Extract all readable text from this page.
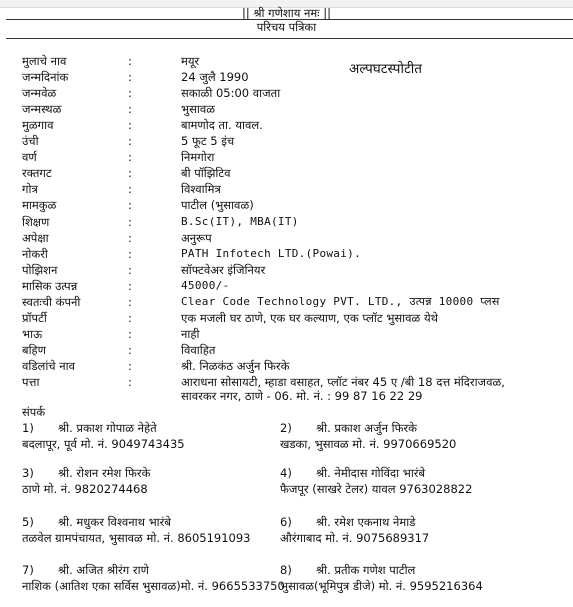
|| श्री गणेशाय नमः ||
परिचय पत्रिका
अल्पघटस्पोटीत
मुलाचे नाव	:	मयूर
जन्मदिनांक	:	24 जुलै 1990
जन्मवेळ	:	सकाळी 05:00 वाजता
जन्मस्थळ	:	भुसावळ
मुळगाव	:	बामणोद ता. यावल.
उंची	:	5 फूट 5 इंच
वर्ण	:	निमगोरा
रक्तगट	:	बी पॉझिटिव
गोत्र	:	विश्वामित्र
मामकुळ	:	पाटील (भुसावळ)
शिक्षण	:	B.Sc(IT), MBA(IT)
अपेक्षा	:	अनुरूप
नोकरी	:	PATH Infotech LTD.(Powai).
पोझिशन	:	सॉफ्टवेअर इंजिनियर
मासिक उत्पन्न	:	45000/-
स्वतःची कंपनी	:	Clear Code Technology PVT. LTD., उत्पन्न 10000 प्लस
प्रॉपर्टी	:	एक मजली घर ठाणे, एक घर कल्याण, एक प्लॉट भुसावळ येथे
भाऊ	:	नाही
बहिण	:	विवाहित
वडिलांचे नाव	:	श्री. निळकंठ अर्जुन फिरके
पत्ता	:	आराधना सोसायटी, म्हाडा वसाहत, प्लॉट नंबर 45 ए /बी 18 दत्त मंदिराजवळ,
सावरकर नगर, ठाणे - 06. मो. नं. : 99 87 16 22 29
संपर्क
1) श्री. प्रकाश गोपाळ नेहेते
बदलापूर, पूर्व मो. नं. 9049743435
2) श्री. प्रकाश अर्जुन फिरके
खडका, भुसावळ मो. नं. 9970669520
3) श्री. रोशन रमेश फिरके
ठाणे मो. नं. 9820274468
4) श्री. नेमीदास गोविंदा भारंबे
फैजपूर (साखरे टेलर) यावल 9763028822
5) श्री. मधुकर विश्वनाथ भारंबे
तळवेल ग्रामपंचायत, भुसावळ मो. नं. 8605191093
6) श्री. रमेश एकनाथ नेमाडे
औरंगाबाद मो. नं. 9075689317
7) श्री. अजित श्रीरंग राणे
नाशिक (आतिश एका सर्विस भुसावळ)मो. नं. 9665533750
8) श्री. प्रतीक गणेश पाटील
भुसावळ(भूमिपुत्र डीजे) मो. नं. 9595216364
